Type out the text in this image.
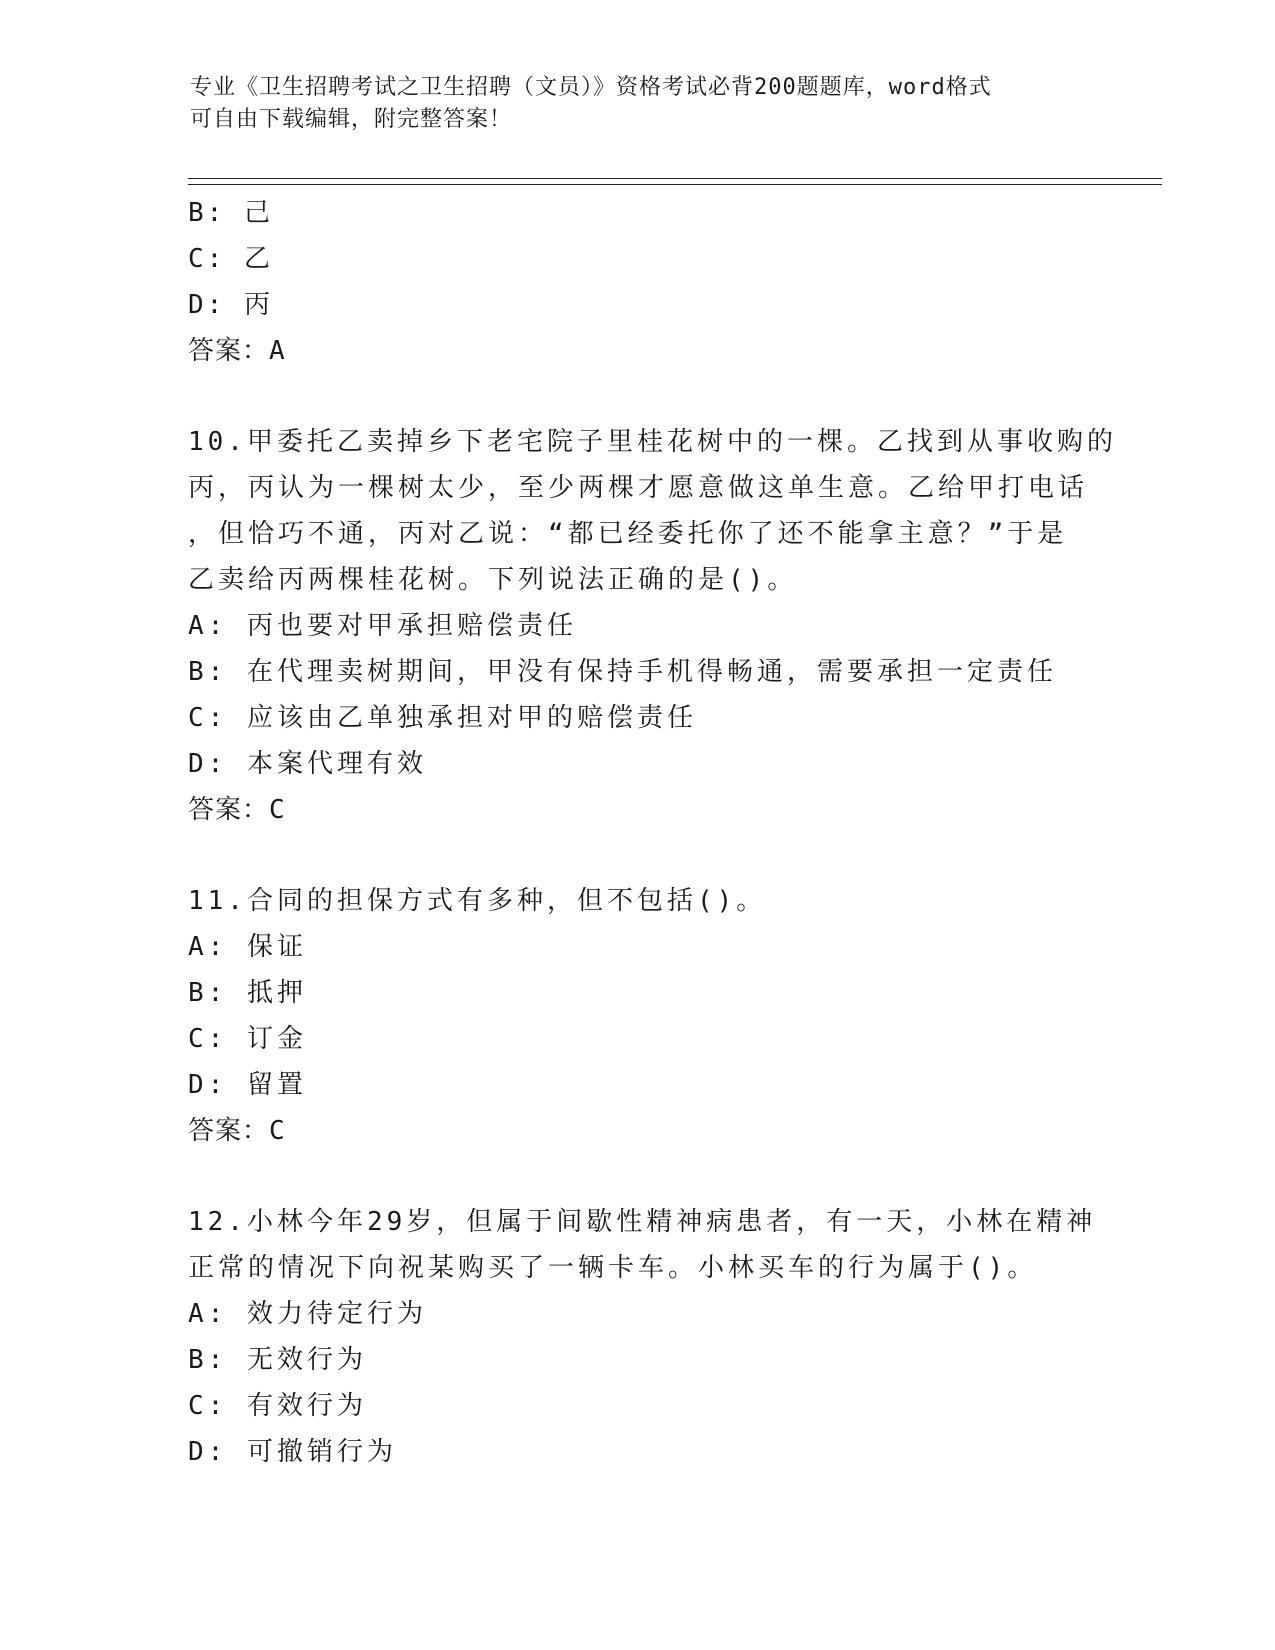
专业《卫生招聘考试之卫生招聘（文员）》资格考试必背200题题库，word格式

可自由下载编辑，附完整答案！

B: 己
C: 乙
D: 丙
答案：A
10.甲委托乙卖掉乡下老宅院子里桂花树中的一棵。乙找到从事收购的
丙，丙认为一棵树太少，至少两棵才愿意做这单生意。乙给甲打电话
，但恰巧不通，丙对乙说：“都已经委托你了还不能拿主意？”于是
乙卖给丙两棵桂花树。下列说法正确的是()。
A: 丙也要对甲承担赔偿责任
B: 在代理卖树期间，甲没有保持手机得畅通，需要承担一定责任
C: 应该由乙单独承担对甲的赔偿责任
D: 本案代理有效
答案：C
11.合同的担保方式有多种，但不包括()。
A: 保证
B: 抵押
C: 订金
D: 留置
答案：C
12.小林今年29岁，但属于间歇性精神病患者，有一天，小林在精神
正常的情况下向祝某购买了一辆卡车。小林买车的行为属于()。
A: 效力待定行为
B: 无效行为
C: 有效行为
D: 可撤销行为
